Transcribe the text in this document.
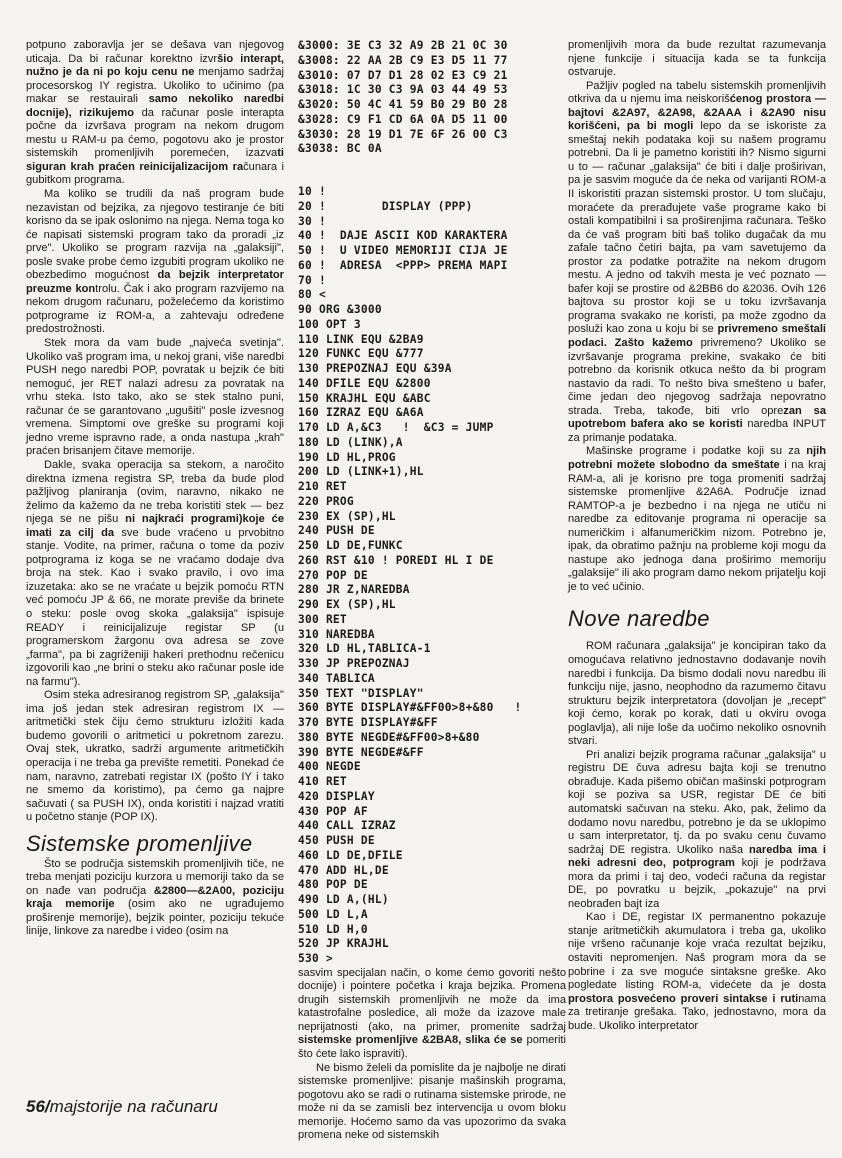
potpuno zaboravlja jer se dešava van njegovog uticaja. Da bi računar korektno izvršio interapt, nužno je da ni po koju cenu ne menjamo sadržaj procesorskog IY registra. Ukoliko to učinimo (pa makar se restauirali samo nekoliko naredbi docnije), rizikujemo da računar posle interapta počne da izvršava program na nekom drugom mestu u RAM-u pa ćemo, pogotovu ako je prostor sistemskih promenljivih poremećen, izazvati siguran krah praćen reinicijalizacijom računara i gubitkom programa.

Ma koliko se trudili da naš program bude nezavistan od bejzika, za njegovo testiranje će biti korisno da se ipak oslonimo na njega. Nema toga ko će napisati sistemski program tako da proradi „iz prve". Ukoliko se program razvija na „galaksiji", posle svake probe ćemo izgubiti program ukoliko ne obezbedimo mogućnost da bejzik interpretator preuzme kontrolu. Čak i ako program razvijemo na nekom drugom računaru, poželećemo da koristimo potprograme iz ROM-a, a zahtevaju određene predostrožnosti.

Stek mora da vam bude „najveća svetinja". Ukoliko vaš program ima, u nekoj grani, više naredbi PUSH nego naredbi POP, povratak u bejzik će biti nemoguć, jer RET nalazi adresu za povratak na vrhu steka. Isto tako, ako se stek stalno puni, računar će se garantovano „ugušiti" posle izvesnog vremena. Simptomi ove greške su programi koji jedno vreme ispravno rade, a onda nastupa „krah" praćen brisanjem čitave memorije.

Dakle, svaka operacija sa stekom, a naročito direktna izmena registra SP, treba da bude plod pažljivog planiranja (ovim, naravno, nikako ne želimo da kažemo da ne treba koristiti stek — bez njega se ne pišu ni najkraći programi)koje će imati za cilj da sve bude vraćeno u prvobitno stanje. Vodite, na primer, računa o tome da poziv potprograma iz koga se ne vraćamo dodaje dva broja na stek. Kao i svako pravilo, i ovo ima izuzetaka: ako se ne vraćate u bejzik pomoću RTN već pomoću JP & 66, ne morate previše da brinete o steku: posle ovog skoka „galaksija" ispisuje READY i reinicijalizuje registar SP (u programerskom žargonu ova adresa se zove „farma", pa bi zagriženiji hakeri prethodnu rečenicu izgovorili kao „ne brini o steku ako računar posle ide na farmu").

Osim steka adresiranog registrom SP, „galaksija" ima još jedan stek adresiran registrom IX — aritmetički stek čiju ćemo strukturu izložiti kada budemo govorili o aritmetici u pokretnom zarezu. Ovaj stek, ukratko, sadrži argumente aritmetičkih operacija i ne treba ga prevište remetiti. Ponekad će nam, naravno, zatrebati registar IX (pošto IY i tako ne smemo da koristimo), pa ćemo ga najpre sačuvati ( sa PUSH IX), onda koristiti i najzad vratiti u početno stanje (POP IX).

Sistemske promenljive

Što se područja sistemskih promenljivih tiče, ne treba menjati poziciju kurzora u memoriji tako da se on nađe van područja &2800—&2A00, poziciju kraja memorije (osim ako ne ugrađujemo proširenje memorije), bejzik pointer, poziciju tekuće linije, linkove za naredbe i video (osim na

&3000: 3E C3 32 A9 2B 21 0C 30
&3008: 22 AA 2B C9 E3 D5 11 77
&3010: 07 D7 D1 28 02 E3 C9 21
&3018: 1C 30 C3 9A 03 44 49 53
&3020: 50 4C 41 59 B0 29 B0 28
&3028: C9 F1 CD 6A 0A D5 11 00
&3030: 28 19 D1 7E 6F 26 00 C3
&3038: BC 0A
10 !
20 !        DISPLAY (PPP)
30 !
40 !  DAJE ASCII KOD KARAKTERA
50 !  U VIDEO MEMORIJI CIJA JE
60 !  ADRESA  <PPP> PREMA MAPI
70 !
80 <
90 ORG &3000
100 OPT 3
110 LINK EQU &2BA9
120 FUNKC EQU &777
130 PREPOZNAJ EQU &39A
140 DFILE EQU &2800
150 KRAJHL EQU &ABC
160 IZRAZ EQU &A6A
170 LD A,&C3   !  &C3 = JUMP
180 LD (LINK),A
190 LD HL,PROG
200 LD (LINK+1),HL
210 RET
220 PROG
230 EX (SP),HL
240 PUSH DE
250 LD DE,FUNKC
260 RST &10 ! POREDI HL I DE
270 POP DE
280 JR Z,NAREDBA
290 EX (SP),HL
300 RET
310 NAREDBA
320 LD HL,TABLICA-1
330 JP PREPOZNAJ
340 TABLICA
350 TEXT "DISPLAY"
360 BYTE DISPLAY#&FF00>8+&80   !
370 BYTE DISPLAY#&FF
380 BYTE NEGDE#&FF00>8+&80
390 BYTE NEGDE#&FF
400 NEGDE
410 RET
420 DISPLAY
430 POP AF
440 CALL IZRAZ
450 PUSH DE
460 LD DE,DFILE
470 ADD HL,DE
480 POP DE
490 LD A,(HL)
500 LD L,A
510 LD H,0
520 JP KRAJHL
530 >

sasvim specijalan način, o kome ćemo govoriti nešto docnije) i pointere početka i kraja bejzika. Promena drugih sistemskih promenljivih ne može da ima katastrofalne posledice, ali može da izazove male neprijatnosti (ako, na primer, promenite sadržaj sistemske promenljive &2BA8, slika će se pomeriti što ćete lako ispraviti).

Ne bismo želeli da pomislite da je najbolje ne dirati sistemske promenljive: pisanje mašinskih programa, pogotovu ako se radi o rutinama sistemske prirode, ne može ni da se zamisli bez intervencija u ovom bloku memorije. Hoćemo samo da vas upozorimo da svaka promena neke od sistemskih

promenljivih mora da bude rezultat razumevanja njene funkcije i situacija kada se ta funkcija ostvaruje.

Pažljiv pogled na tabelu sistemskih promenljivih otkriva da u njemu ima neiskorišćenog prostora — bajtovi &2A97, &2A98, &2AAA i &2A90 nisu korišćeni, pa bi mogli lepo da se iskoriste za smeštaj nekih podataka koji su našem programu potrebni. Da li je pametno koristiti ih? Nismo sigurni u to — računar „galaksija" će biti i dalje proširivan, pa je sasvim moguće da će neka od varijanti ROM-a II iskoristiti prazan sistemski prostor. U tom slučaju, moraćete da prerađujete vaše programe kako bi ostali kompatibilni i sa proširenjima računara. Teško da će vaš program biti baš toliko dugačak da mu zafale tačno četiri bajta, pa vam savetujemo da prostor za podatke potražite na nekom drugom mestu. A jedno od takvih mesta je već poznato — bafer koji se prostire od &2BB6 do &2036. Ovih 126 bajtova su prostor koji se u toku izvršavanja programa svakako ne koristi, pa može zgodno da posluži kao zona u koju bi se privremeno smeštali podaci. Zašto kažemo privremeno? Ukoliko se izvršavanje programa prekine, svakako će biti potrebno da korisnik otkuca nešto da bi program nastavio da radi. To nešto biva smešteno u bafer, čime jedan deo njegovog sadržaja nepovratno strada. Treba, takođe, biti vrlo oprezan sa upotrebom bafera ako se koristi naredba INPUT za primanje podataka.

Mašinske programe i podatke koji su za njih potrebni možete slobodno da smeštate i na kraj RAM-a, ali je korisno pre toga promeniti sadržaj sistemske promenljive &2A6A. Područje iznad RAMTOP-a je bezbedno i na njega ne utiču ni naredbe za editovanje programa ni operacije sa numeričkim i alfanumeričkim nizom. Potrebno je, ipak, da obratimo pažnju na probleme koji mogu da nastupe ako jednoga dana proširimo memoriju „galaksije" ili ako program damo nekom prijatelju koji je to već učinio.

Nove naredbe

ROM računara „galaksija" je koncipiran tako da omogućava relativno jednostavno dodavanje novih naredbi i funkcija. Da bismo dodali novu naredbu ili funkciju nije, jasno, neophodno da razumemo čitavu strukturu bejzik interpretatora (dovoljan je „recept" koji ćemo, korak po korak, dati u okviru ovoga poglavlja), ali nije loše da uočimo nekoliko osnovnih stvari.

Pri analizi bejzik programa računar „galaksija" u registru DE čuva adresu bajta koji se trenutno obrađuje. Kada pišemo običan mašinski potprogram koji se poziva sa USR, registar DE će biti automatski sačuvan na steku. Ako, pak, želimo da dodamo novu naredbu, potrebno je da se uklopimo u sam interpretator, tj. da po svaku cenu čuvamo sadržaj DE registra. Ukoliko naša naredba ima i neki adresni deo, potprogram koji je podržava mora da primi i taj deo, vodeći računa da registar DE, po povratku u bejzik, „pokazuje" na prvi neobrađen bajt iza

Kao i DE, registar IX permanentno pokazuje stanje aritmetičkih akumulatora i treba ga, ukoliko nije vršeno računanje koje vraća rezultat bejziku, ostaviti nepromenjen. Naš program mora da se pobrine i za sve moguće sintaksne greške. Ako pogledate listing ROM-a, videćete da je dosta prostora posvećeno proveri sintakse i rutinama za tretiranje grešaka. Tako, jednostavno, mora da bude. Ukoliko interpretator

56/majstorije na računaru
